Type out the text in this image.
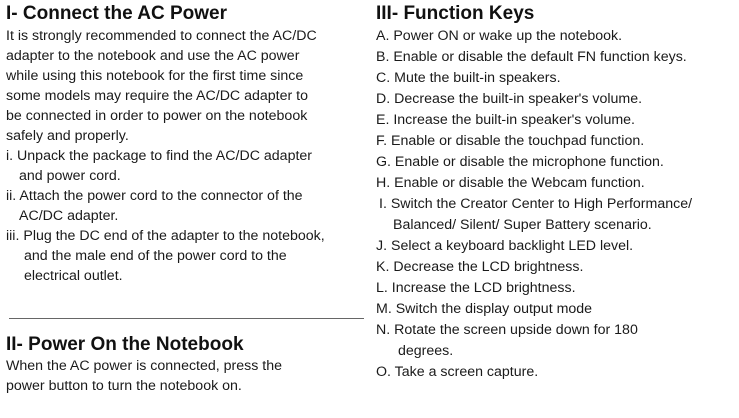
I- Connect the AC Power

It is strongly recommended to connect the AC/DC
adapter to the notebook and use the AC power
while using this notebook for the first time since
some models may require the AC/DC adapter to
be connected in order to power on the notebook
safely and properly.

i. Unpack the package to find the AC/DC adapter
and power cord.
ii. Attach the power cord to the connector of the
AC/DC adapter.
iii. Plug the DC end of the adapter to the notebook,
and the male end of the power cord to the
electrical outlet.
II- Power On the Notebook

When the AC power is connected, press the
power button to turn the notebook on.

III- Function Keys
A. Power ON or wake up the notebook.
B. Enable or disable the default FN function keys.
C. Mute the built-in speakers.
D. Decrease the built-in speaker's volume.
E. Increase the built-in speaker's volume.
F. Enable or disable the touchpad function.
G. Enable or disable the microphone function.
H. Enable or disable the Webcam function.
I. Switch the Creator Center to High Performance/
Balanced/ Silent/ Super Battery scenario.
J. Select a keyboard backlight LED level.
K. Decrease the LCD brightness.
L. Increase the LCD brightness.
M. Switch the display output mode
N. Rotate the screen upside down for 180
degrees.
O. Take a screen capture.
